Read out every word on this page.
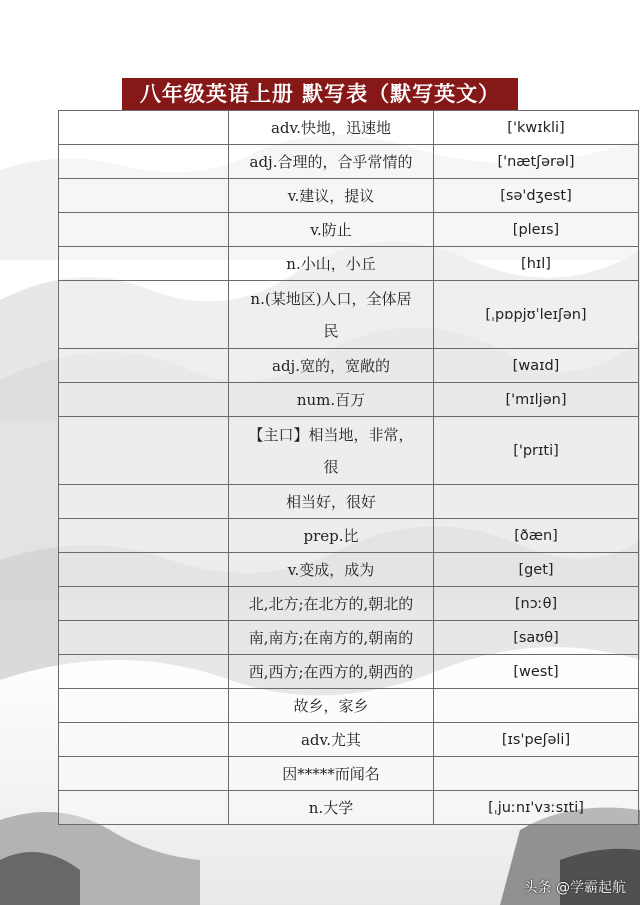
八年级英语上册 默写表（默写英文）
	adv.快地，迅速地	['kwɪkli]
	adj.合理的，合乎常情的	['nætʃərəl]
	v.建议，提议	[sə'dʒest]
	v.防止	[pleɪs]
	n.小山，小丘	[hɪl]
	n.(某地区)人口，全体居
民	[ˌpɒpjʊˈleɪʃən]
	adj.宽的，宽敞的	[waɪd]
	num.百万	['mɪljən]
	【主口】相当地，非常，
很	['prɪti]
	相当好，很好	
	prep.比	[ðæn]
	v.变成，成为	[get]
	北,北方;在北方的,朝北的	[nɔːθ]
	南,南方;在南方的,朝南的	[saʊθ]
	西,西方;在西方的,朝西的	[west]
	故乡，家乡	
	adv.尤其	[ɪs'peʃəli]
	因*****而闻名	
	n.大学	[ˌjuːnɪ'vɜːsɪti]
头条 @学霸起航
